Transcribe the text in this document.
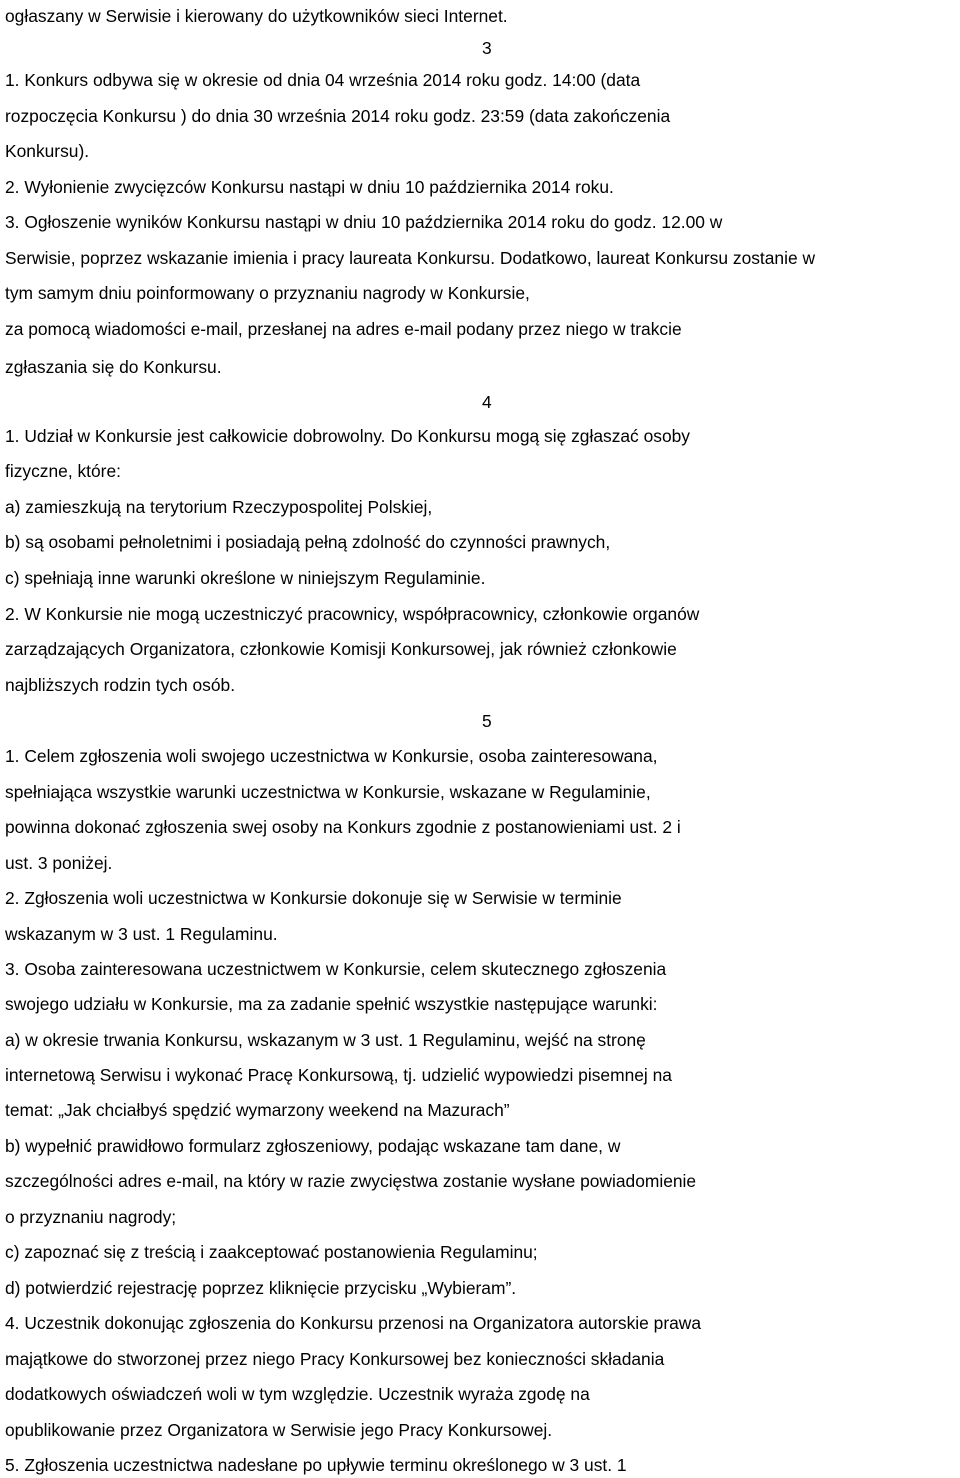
ogłaszany w Serwisie i kierowany do użytkowników sieci Internet.
3
1. Konkurs odbywa się w okresie od dnia 04 września 2014 roku godz. 14:00 (data
rozpoczęcia Konkursu ) do dnia 30 września 2014 roku godz. 23:59 (data zakończenia
Konkursu).
2. Wyłonienie zwycięzców Konkursu nastąpi w dniu 10 października 2014 roku.
3. Ogłoszenie wyników Konkursu nastąpi w dniu 10 października 2014 roku do godz. 12.00 w
Serwisie, poprzez wskazanie imienia i pracy laureata Konkursu. Dodatkowo, laureat Konkursu zostanie w
tym samym dniu poinformowany o przyznaniu nagrody w Konkursie,
za pomocą wiadomości e-mail, przesłanej na adres e-mail podany przez niego w trakcie
zgłaszania się do Konkursu.
4
1. Udział w Konkursie jest całkowicie dobrowolny. Do Konkursu mogą się zgłaszać osoby
fizyczne, które:
a) zamieszkują na terytorium Rzeczypospolitej Polskiej,
b) są osobami pełnoletnimi i posiadają pełną zdolność do czynności prawnych,
c) spełniają inne warunki określone w niniejszym Regulaminie.
2. W Konkursie nie mogą uczestniczyć pracownicy, współpracownicy, członkowie organów
zarządzających Organizatora, członkowie Komisji Konkursowej, jak również członkowie
najbliższych rodzin tych osób.
5
1. Celem zgłoszenia woli swojego uczestnictwa w Konkursie, osoba zainteresowana,
spełniająca wszystkie warunki uczestnictwa w Konkursie, wskazane w Regulaminie,
powinna dokonać zgłoszenia swej osoby na Konkurs zgodnie z postanowieniami ust. 2 i
ust. 3 poniżej.
2. Zgłoszenia woli uczestnictwa w Konkursie dokonuje się w Serwisie w terminie
wskazanym w 3 ust. 1 Regulaminu.
3. Osoba zainteresowana uczestnictwem w Konkursie, celem skutecznego zgłoszenia
swojego udziału w Konkursie, ma za zadanie spełnić wszystkie następujące warunki:
a) w okresie trwania Konkursu, wskazanym w 3 ust. 1 Regulaminu, wejść na stronę
internetową Serwisu i wykonać Pracę Konkursową, tj. udzielić wypowiedzi pisemnej na
temat: „Jak chciałbyś spędzić wymarzony weekend na Mazurach”
b) wypełnić prawidłowo formularz zgłoszeniowy, podając wskazane tam dane, w
szczególności adres e-mail, na który w razie zwycięstwa zostanie wysłane powiadomienie
o przyznaniu nagrody;
c) zapoznać się z treścią i zaakceptować postanowienia Regulaminu;
d) potwierdzić rejestrację poprzez kliknięcie przycisku „Wybieram”.
4. Uczestnik dokonując zgłoszenia do Konkursu przenosi na Organizatora autorskie prawa
majątkowe do stworzonej przez niego Pracy Konkursowej bez konieczności składania
dodatkowych oświadczeń woli w tym względzie. Uczestnik wyraża zgodę na
opublikowanie przez Organizatora w Serwisie jego Pracy Konkursowej.
5. Zgłoszenia uczestnictwa nadesłane po upływie terminu określonego w 3 ust. 1
